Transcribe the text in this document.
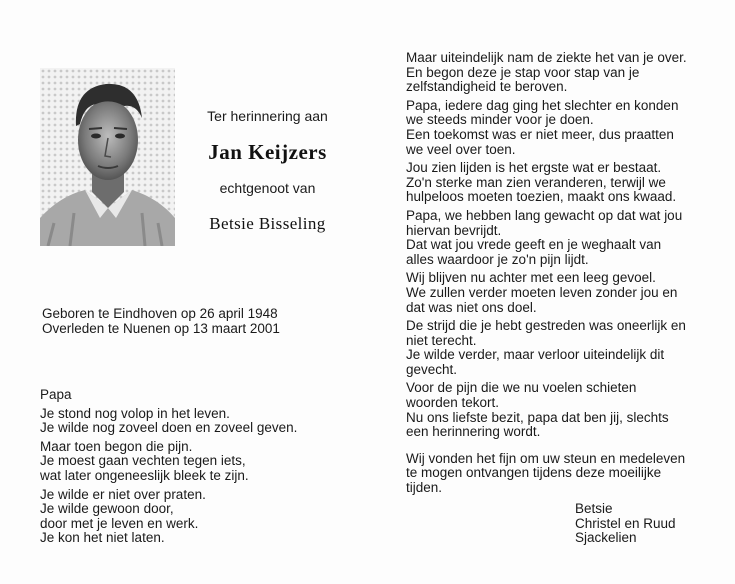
Ter herinnering aan
Jan Keijzers
echtgenoot van
Betsie Bisseling
Geboren te Eindhoven op 26 april 1948
Overleden te Nuenen op 13 maart 2001
Papa
Je stond nog volop in het leven.
Je wilde nog zoveel doen en zoveel geven.
Maar toen begon die pijn.
Je moest gaan vechten tegen iets,
wat later ongeneeslijk bleek te zijn.
Je wilde er niet over praten.
Je wilde gewoon door,
door met je leven en werk.
Je kon het niet laten.
Maar uiteindelijk nam de ziekte het van je over.
En begon deze je stap voor stap van je
zelfstandigheid te beroven.
Papa, iedere dag ging het slechter en konden
we steeds minder voor je doen.
Een toekomst was er niet meer, dus praatten
we veel over toen.
Jou zien lijden is het ergste wat er bestaat.
Zo'n sterke man zien veranderen, terwijl we
hulpeloos moeten toezien, maakt ons kwaad.
Papa, we hebben lang gewacht op dat wat jou
hiervan bevrijdt.
Dat wat jou vrede geeft en je weghaalt van
alles waardoor je zo'n pijn lijdt.
Wij blijven nu achter met een leeg gevoel.
We zullen verder moeten leven zonder jou en
dat was niet ons doel.
De strijd die je hebt gestreden was oneerlijk en
niet terecht.
Je wilde verder, maar verloor uiteindelijk dit
gevecht.
Voor de pijn die we nu voelen schieten
woorden tekort.
Nu ons liefste bezit, papa dat ben jij, slechts
een herinnering wordt.
Wij vonden het fijn om uw steun en medeleven
te mogen ontvangen tijdens deze moeilijke
tijden.
Betsie
Christel en Ruud
Sjackelien
